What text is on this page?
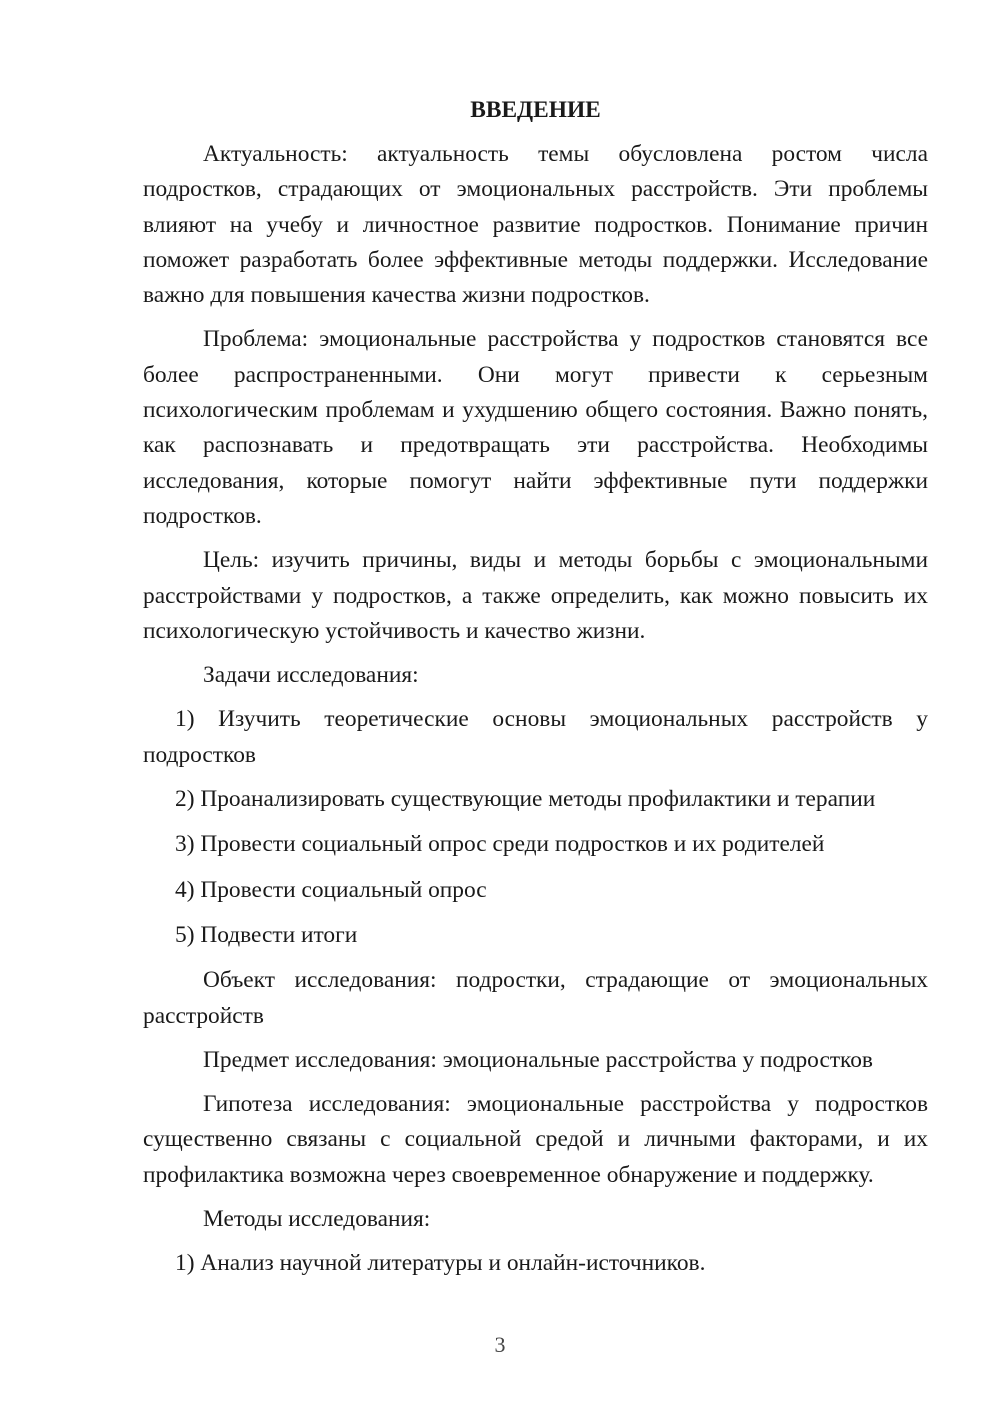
ВВЕДЕНИЕ

Актуальность: актуальность темы обусловлена ростом числа подростков, страдающих от эмоциональных расстройств. Эти проблемы влияют на учебу и личностное развитие подростков. Понимание причин поможет разработать более эффективные методы поддержки. Исследование важно для повышения качества жизни подростков.

Проблема: эмоциональные расстройства у подростков становятся все более распространенными. Они могут привести к серьезным психологическим проблемам и ухудшению общего состояния. Важно понять, как распознавать и предотвращать эти расстройства. Необходимы исследования, которые помогут найти эффективные пути поддержки подростков.

Цель: изучить причины, виды и методы борьбы с эмоциональными расстройствами у подростков, а также определить, как можно повысить их психологическую устойчивость и качество жизни.

Задачи исследования:

1) Изучить теоретические основы эмоциональных расстройств у подростков

2) Проанализировать существующие методы профилактики и терапии

3) Провести социальный опрос среди подростков и их родителей

4) Провести социальный опрос

5) Подвести итоги

Объект исследования: подростки, страдающие от эмоциональных расстройств

Предмет исследования: эмоциональные расстройства у подростков

Гипотеза исследования: эмоциональные расстройства у подростков существенно связаны с социальной средой и личными факторами, и их профилактика возможна через своевременное обнаружение и поддержку.

Методы исследования:

1) Анализ научной литературы и онлайн-источников.

3
